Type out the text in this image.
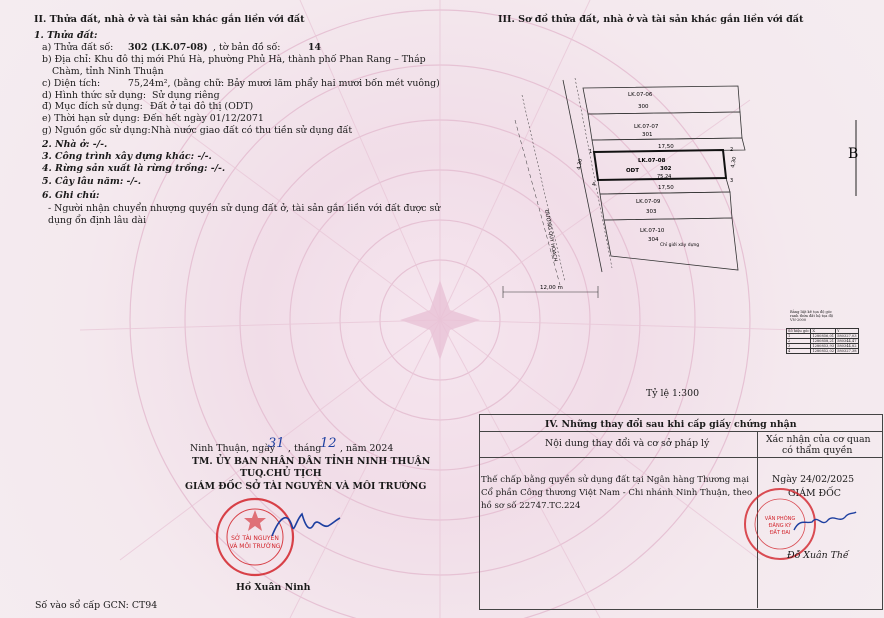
II. Thửa đất, nhà ở và tài sản khác gắn liền với đất
1. Thửa đất:
a) Thửa đất số: 302 (LK.07-08) , tờ bản đồ số:	14
b) Địa chỉ: Khu đô thị mới Phú Hà, phường Phủ Hà, thành phố Phan Rang – Tháp
Chàm, tỉnh Ninh Thuận
c) Diện tích:	75,24m², (bằng chữ: Bảy mươi lăm phẩy hai mươi bốn mét vuông)
d) Hình thức sử dụng: Sử dụng riêng
đ) Mục đích sử dụng: Đất ở tại đô thị (ODT)
e) Thời hạn sử dụng: Đến hết ngày 01/12/2071
g) Nguồn gốc sử dụng: Nhà nước giao đất có thu tiền sử dụng đất
2. Nhà ở: -/-.
3. Công trình xây dựng khác: -/-.
4. Rừng sản xuất là rừng trồng: -/-.
5. Cây lâu năm: -/-.
6. Ghi chú:
- Người nhận chuyển nhượng quyền sử dụng đất ở, tài sản gắn liền với đất được sử
dụng ổn định lâu dài
Ninh Thuận, ngày
31 , tháng
12 , năm 2024
TM. ỦY BAN NHÂN DÂN TỈNH NINH THUẬN
TUQ.CHỦ TỊCH
GIÁM ĐỐC SỞ TÀI NGUYÊN VÀ MÔI TRƯỜNG
SỞ TÀI NGUYÊN
VÀ MÔI TRƯỜNG
Hồ Xuân Ninh
Số vào sổ cấp GCN: CT94
III. Sơ đồ thửa đất, nhà ở và tài sản khác gắn liền với đất
LK.07-06
300
LK.07-07
301
17,50
LK.07-08
ODT	302
75,24
17,50
LK.07-09
303
LK.07-10
304
Chỉ giới xây dựng
4,30	4,30
1	2
3
4
ĐƯỜNG QUY HOẠCH
12,00 m
B
Bảng liệt kê tọa độ góc ranh thửa đất hệ tọa độ VN-2000
Số hiệu góc	X	Y
1	1280856,01	580327,03
2	1280858,21	580344,47
3	1280853,93	580344,82
4	1280852,02	580327,38
Tỷ lệ 1:300
IV. Những thay đổi sau khi cấp giấy chứng nhận
Nội dung thay đổi và cơ sở pháp lý	Xác nhận của cơ quan
có thẩm quyền
Thế chấp bằng quyền sử dụng đất tại Ngân hàng Thương mại
Cổ phần Công thương Việt Nam - Chi nhánh Ninh Thuận, theo
hồ sơ số 22747.TC.224
Ngày 24/02/2025
GIÁM ĐỐC
VĂN PHÒNG
ĐĂNG KÝ
ĐẤT ĐAI
Đỗ Xuân Thế
